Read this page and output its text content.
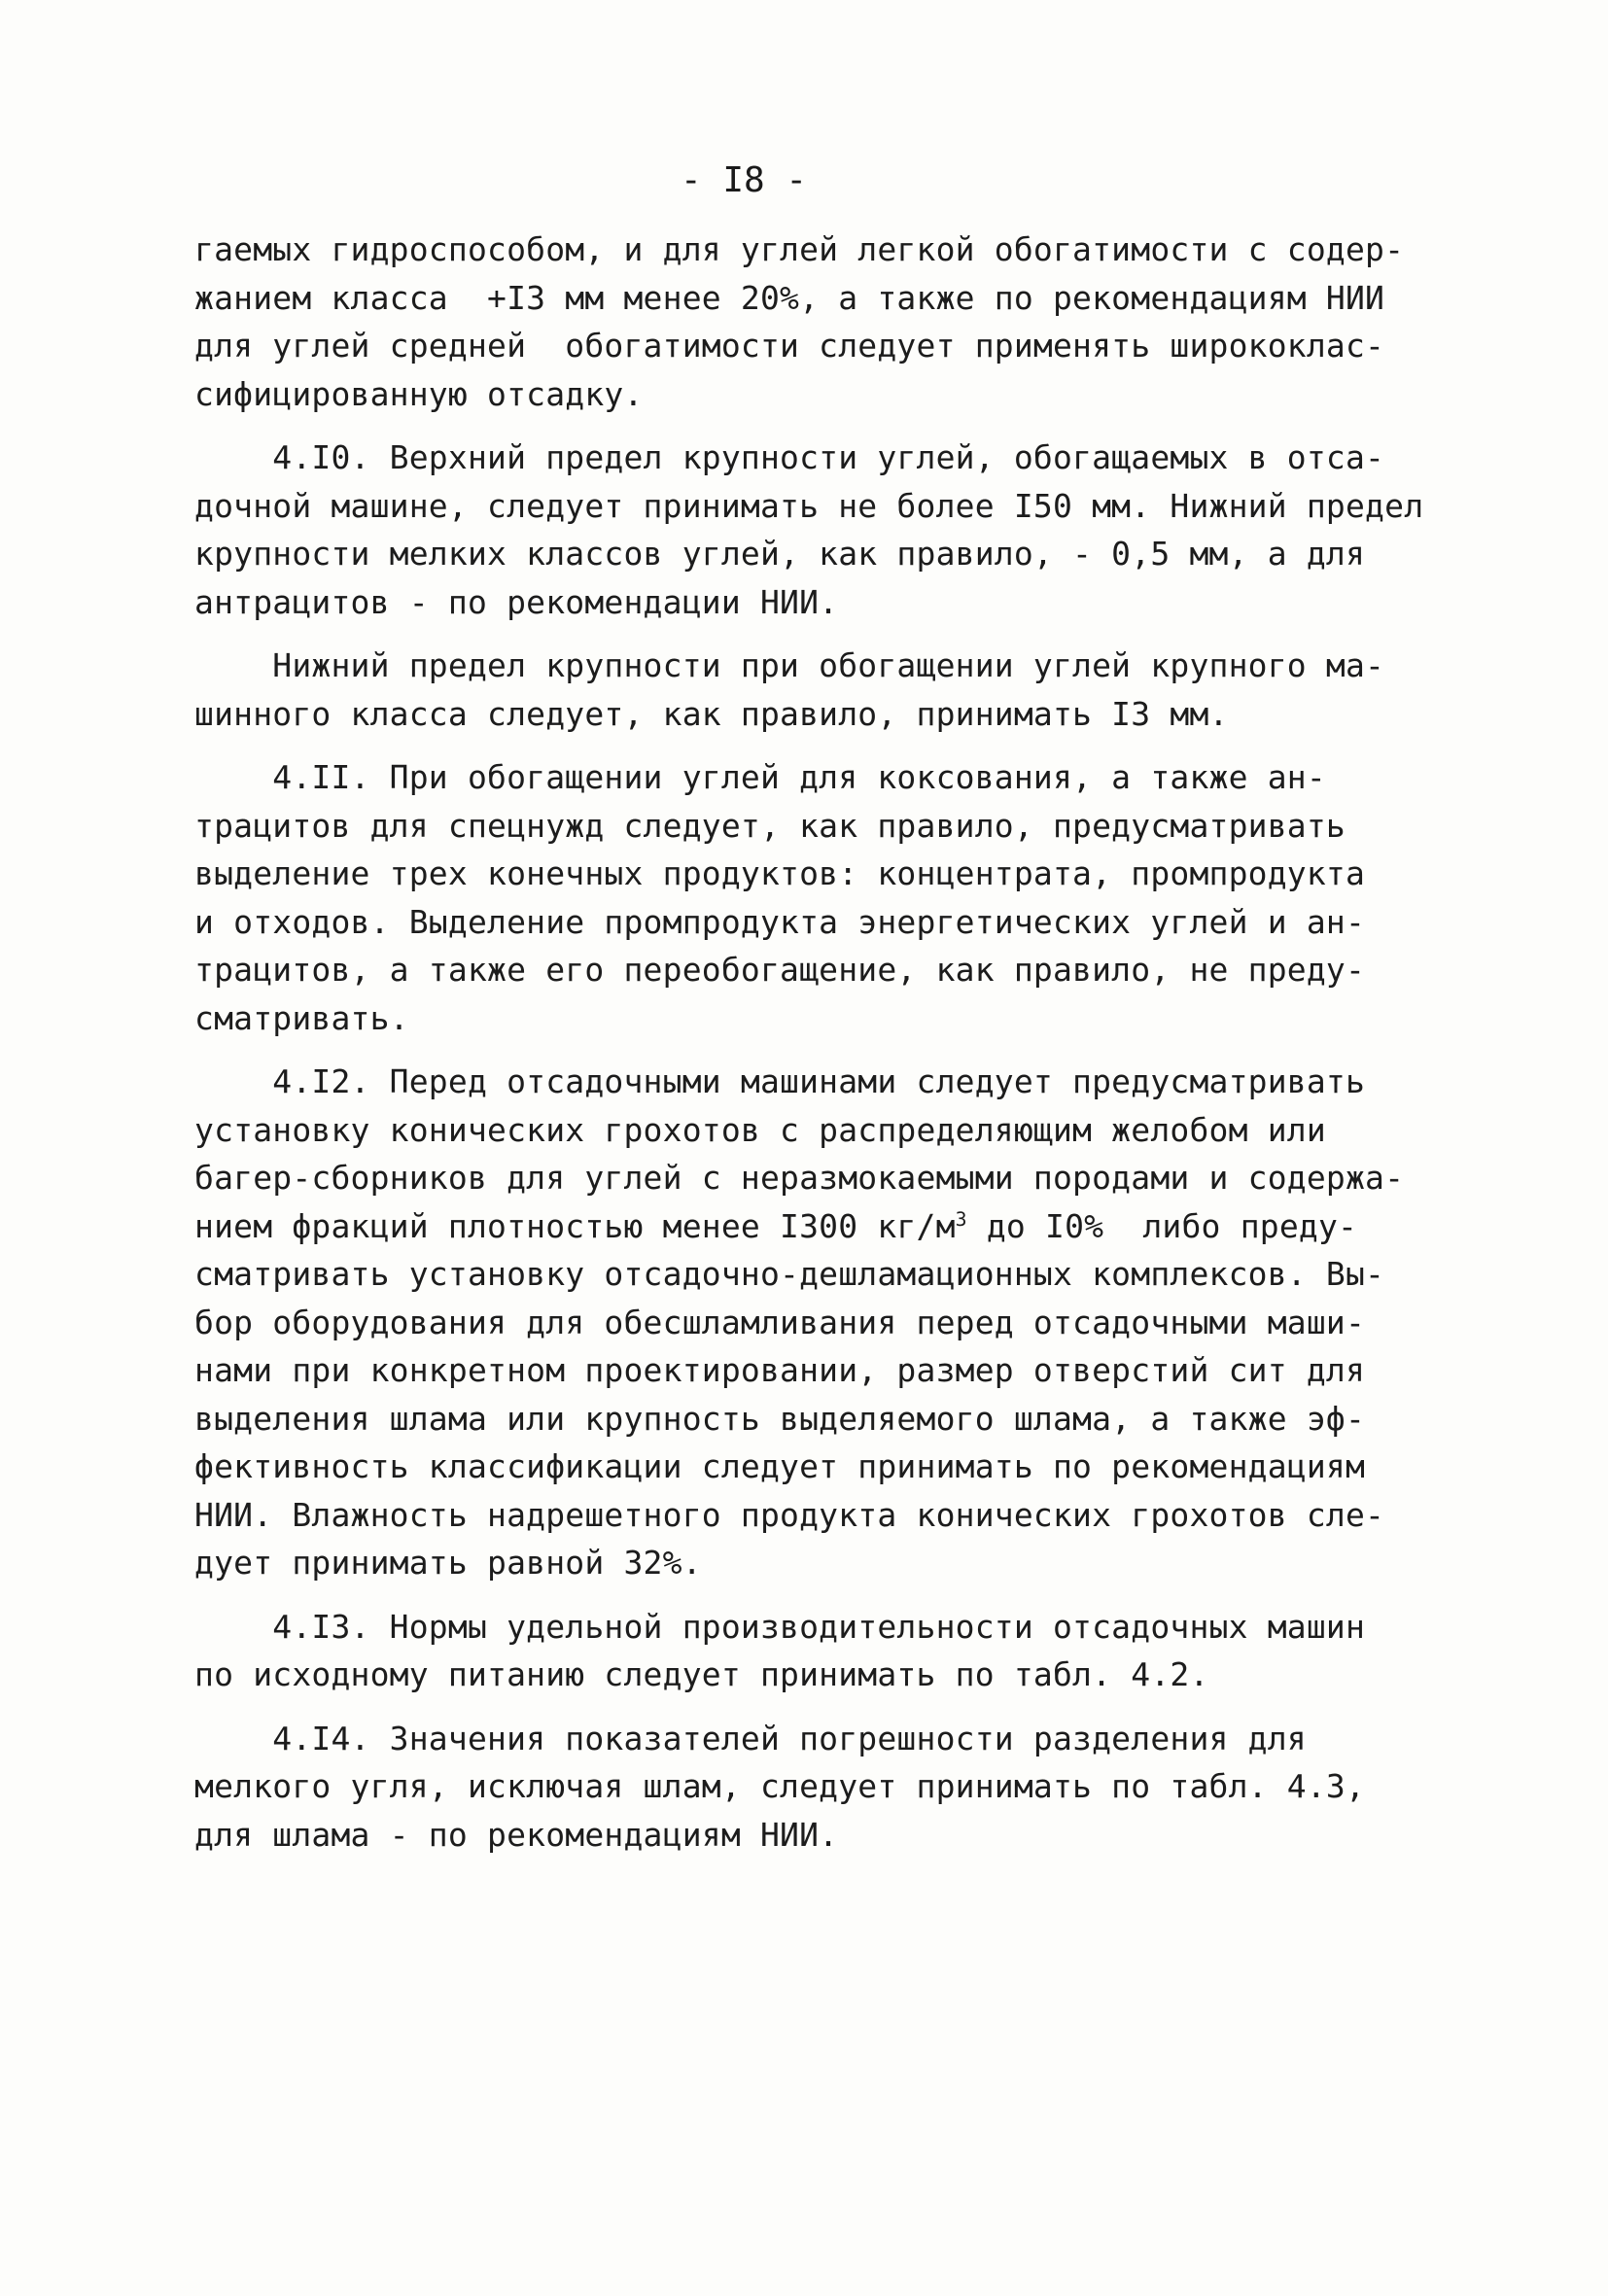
- I8 -
гаемых гидроспособом, и для углей легкой обогатимости с содер-
жанием класса  +I3 мм менее 20%, а также по рекомендациям НИИ
для углей средней  обогатимости следует применять ширококлас-
сифицированную отсадку.
4.I0. Верхний предел крупности углей, обогащаемых в отса-
дочной машине, следует принимать не более I50 мм. Нижний предел
крупности мелких классов углей, как правило, - 0,5 мм, а для
антрацитов - по рекомендации НИИ.
Нижний предел крупности при обогащении углей крупного ма-
шинного класса следует, как правило, принимать I3 мм.
4.II. При обогащении углей для коксования, а также ан-
трацитов для спецнужд следует, как правило, предусматривать
выделение трех конечных продуктов: концентрата, промпродукта
и отходов. Выделение промпродукта энергетических углей и ан-
трацитов, а также его переобогащение, как правило, не преду-
сматривать.
4.I2. Перед отсадочными машинами следует предусматривать
установку конических грохотов с распределяющим желобом или
багер-сборников для углей с неразмокаемыми породами и содержа-
нием фракций плотностью менее I300 $кг/м^3$ до I0%  либо преду-
сматривать установку отсадочно-дешламационных комплексов. Вы-
бор оборудования для обесшламливания перед отсадочными маши-
нами при конкретном проектировании, размер отверстий сит для
выделения шлама или крупность выделяемого шлама, а также эф-
фективность классификации следует принимать по рекомендациям
НИИ. Влажность надрешетного продукта конических грохотов сле-
дует принимать равной 32%.
4.I3. Нормы удельной производительности отсадочных машин
по исходному питанию следует принимать по табл. 4.2.
4.I4. Значения показателей погрешности разделения для
мелкого угля, исключая шлам, следует принимать по табл. 4.3,
для шлама - по рекомендациям НИИ.
